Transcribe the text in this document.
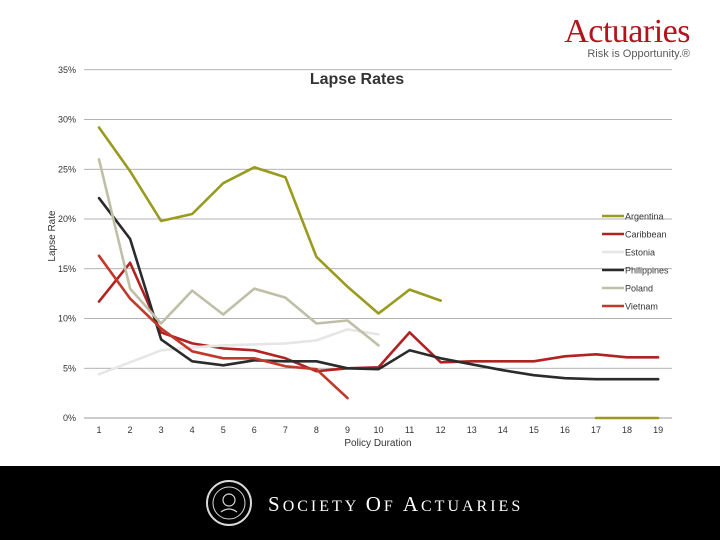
Lapse Rates
Lapse Rate
Policy Duration
0%
5%
10%
15%
20%
25%
30%
35%
1	2	3	4	5	6	7	8	9	10 11 12 13 14 15 16 17 18 19
Argentina
Caribbean
Estonia
Philippines
Poland
Vietnam
Actuaries
Risk is Opportunity.®
SOCIETY OF ACTUARIES
